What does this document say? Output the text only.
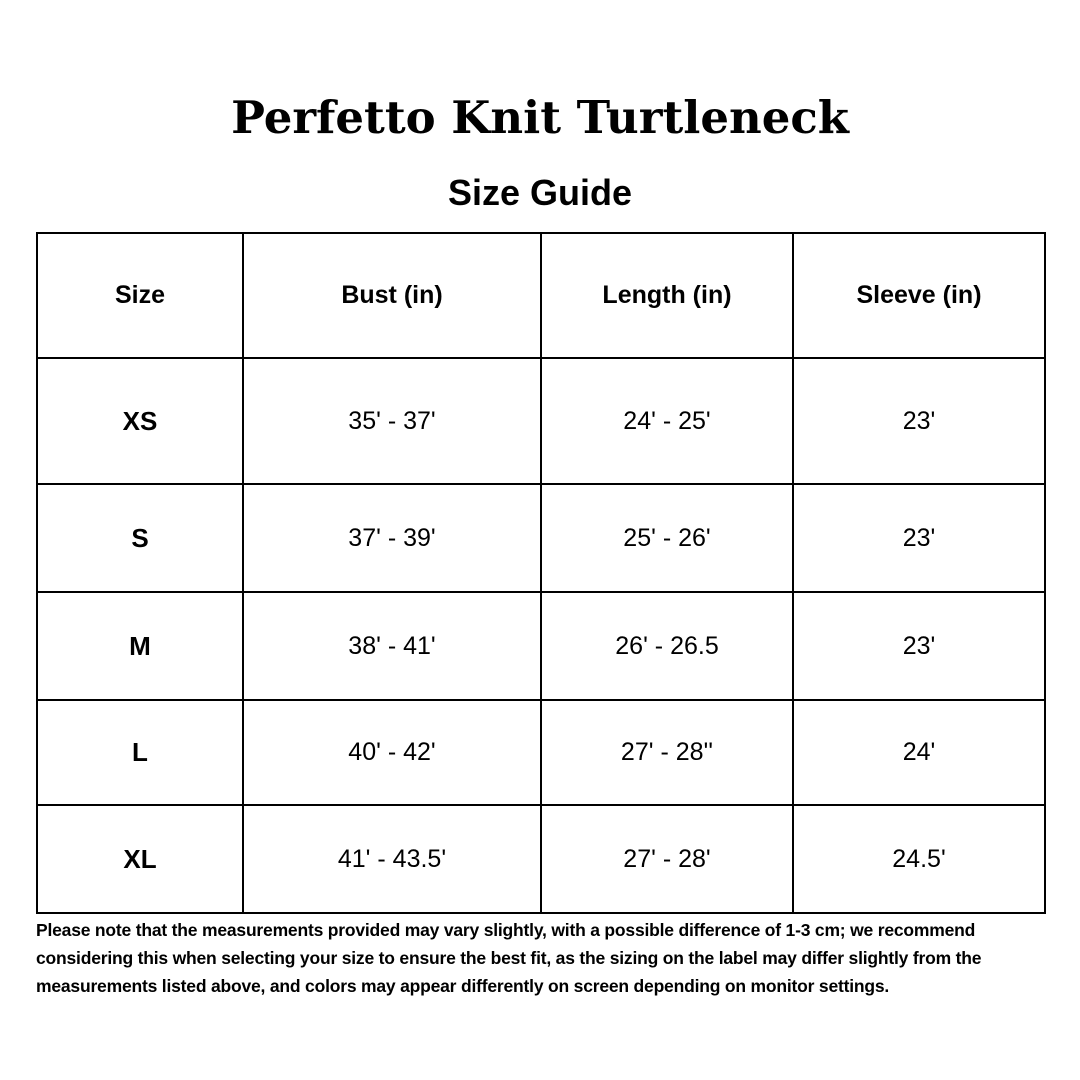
Perfetto Knit Turtleneck
Size Guide
Size	Bust (in)	Length (in)	Sleeve (in)
XS	35' - 37'	24' - 25'	23'
S	37' - 39'	25' - 26'	23'
M	38' - 41'	26' - 26.5	23'
L	40' - 42'	27' - 28''	24'
XL	41' - 43.5'	27' - 28'	24.5'

Please note that the measurements provided may vary slightly, with a possible difference of 1-3 cm; we recommend considering this when selecting your size to ensure the best fit, as the sizing on the label may differ slightly from the measurements listed above, and colors may appear differently on screen depending on monitor settings.
